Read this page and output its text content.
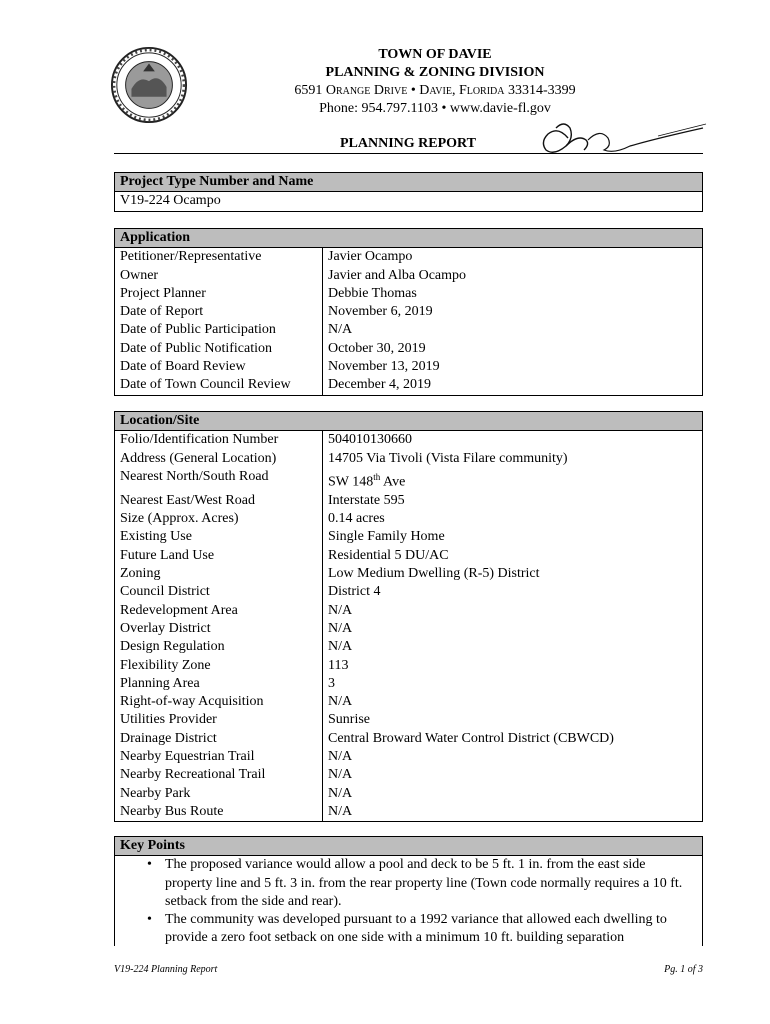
TOWN OF DAVIE
PLANNING & ZONING DIVISION
6591 Orange Drive • Davie, Florida 33314-3399
Phone: 954.797.1103 • www.davie-fl.gov
PLANNING REPORT
Project Type Number and Name
V19-224 Ocampo
Application	
Petitioner/Representative	Javier Ocampo
Owner	Javier and Alba Ocampo
Project Planner	Debbie Thomas
Date of Report	November 6, 2019
Date of Public Participation	N/A
Date of Public Notification	October 30, 2019
Date of Board Review	November 13, 2019
Date of Town Council Review	December 4, 2019
Location/Site	
Folio/Identification Number	504010130660
Address (General Location)	14705 Via Tivoli (Vista Filare community)
Nearest North/South Road	SW 148th Ave
Nearest East/West Road	Interstate 595
Size (Approx. Acres)	0.14 acres
Existing Use	Single Family Home
Future Land Use	Residential 5 DU/AC
Zoning	Low Medium Dwelling (R-5) District
Council District	District 4
Redevelopment Area	N/A
Overlay District	N/A
Design Regulation	N/A
Flexibility Zone	113
Planning Area	3
Right-of-way Acquisition	N/A
Utilities Provider	Sunrise
Drainage District	Central Broward Water Control District (CBWCD)
Nearby Equestrian Trail	N/A
Nearby Recreational Trail	N/A
Nearby Park	N/A
Nearby Bus Route	N/A
Key Points
• The proposed variance would allow a pool and deck to be 5 ft. 1 in. from the east side property line and 5 ft. 3 in. from the rear property line (Town code normally requires a 10 ft. setback from the side and rear).
• The community was developed pursuant to a 1992 variance that allowed each dwelling to provide a zero foot setback on one side with a minimum 10 ft. building separation
V19-224 Planning Report	Pg. 1 of 3
